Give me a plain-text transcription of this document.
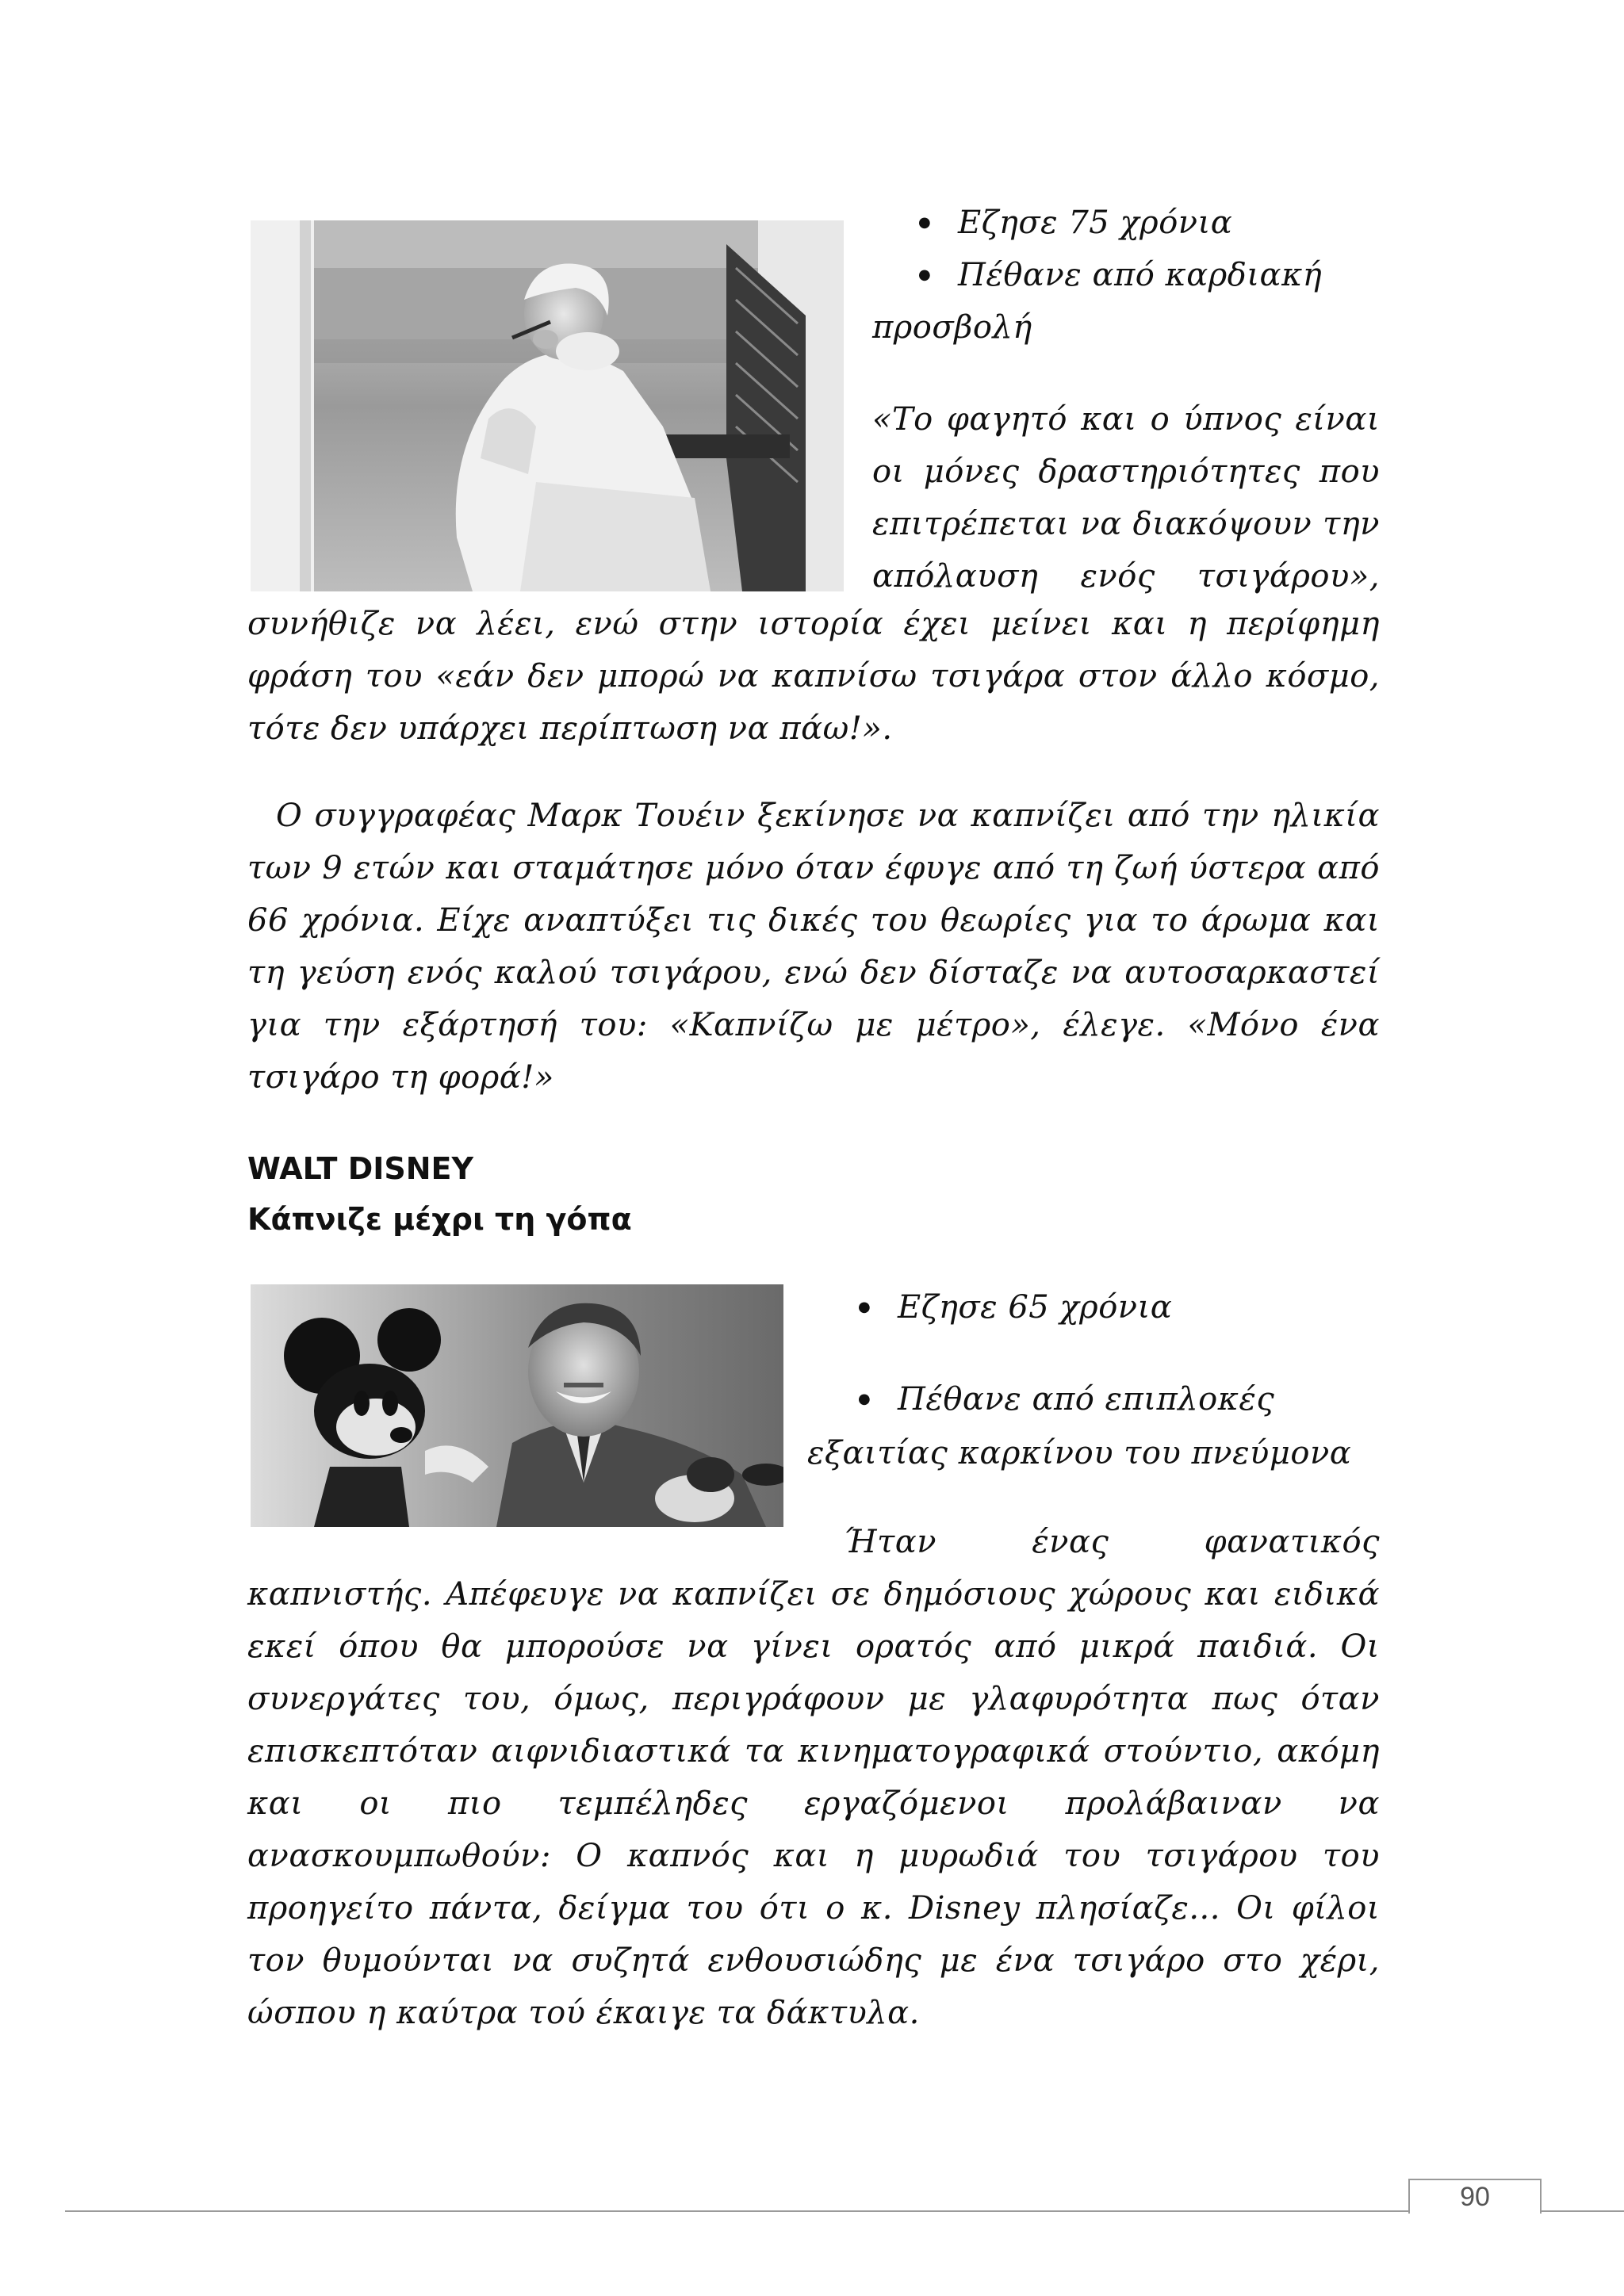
● Εζησε 75 χρόνια
● Πέθανε από καρδιακή
προσβολή
«Το φαγητό και ο ύπνος είναι
οι μόνες δραστηριότητες που
επιτρέπεται να διακόψουν την
απόλαυση ενός τσιγάρου»,

συνήθιζε να λέει, ενώ στην ιστορία έχει μείνει και η περίφημη φράση του «εάν δεν μπορώ να καπνίσω τσιγάρα στον άλλο κόσμο, τότε δεν υπάρχει περίπτωση να πάω!».

Ο συγγραφέας Μαρκ Τουέιν ξεκίνησε να καπνίζει από την ηλικία των 9 ετών και σταμάτησε μόνο όταν έφυγε από τη ζωή ύστερα από 66 χρόνια. Είχε αναπτύξει τις δικές του θεωρίες για το άρωμα και τη γεύση ενός καλού τσιγάρου, ενώ δεν δίσταζε να αυτοσαρκαστεί για την εξάρτησή του: «Καπνίζω με μέτρο», έλεγε. «Μόνο ένα τσιγάρο τη φορά!»

WALT DISNEY
Κάπνιζε μέχρι τη γόπα
● Εζησε 65 χρόνια
● Πέθανε από επιπλοκές
εξαιτίας καρκίνου του πνεύμονα
Ήταν ένας φανατικός

καπνιστής. Απέφευγε να καπνίζει σε δημόσιους χώρους και ειδικά εκεί όπου θα μπορούσε να γίνει ορατός από μικρά παιδιά. Οι συνεργάτες του, όμως, περιγράφουν με γλαφυρότητα πως όταν επισκεπτόταν αιφνιδιαστικά τα κινηματογραφικά στούντιο, ακόμη και οι πιο τεμπέληδες εργαζόμενοι προλάβαιναν να ανασκουμπωθούν: Ο καπνός και η μυρωδιά του τσιγάρου του προηγείτο πάντα, δείγμα του ότι ο κ. Disney πλησίαζε... Οι φίλοι τον θυμούνται να συζητά ενθουσιώδης με ένα τσιγάρο στο χέρι, ώσπου η καύτρα τού έκαιγε τα δάκτυλα.

90
